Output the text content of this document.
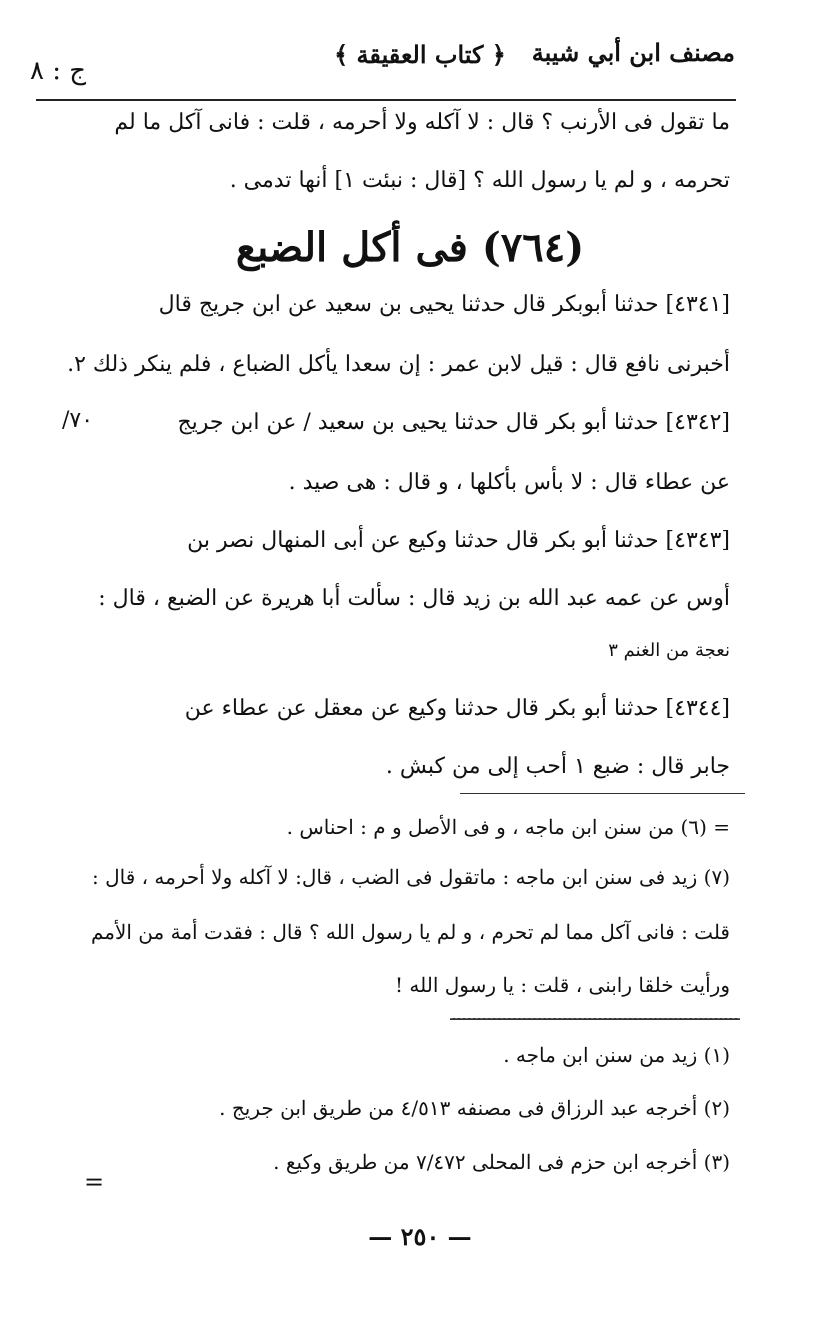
مصنف ابن أبي شيبة
﴿ كتاب العقيقة ﴾
ج : ٨
ما تقول فى الأرنب ؟ قال : لا آكله ولا أحرمه ، قلت : فانى آكل ما لم
تحرمه ، و لم يا رسول الله ؟ [قال : نبئت ١] أنها تدمى .
(٧٦٤) فى أكل الضبع
[٤٣٤١] حدثنا أبوبكر قال حدثنا يحيى بن سعيد عن ابن جريج قال
أخبرنى نافع قال : قيل لابن عمر : إن سعدا يأكل الضباع ، فلم ينكر ذلك ٢.
[٤٣٤٢] حدثنا أبو بكر قال حدثنا يحيى بن سعيد / عن ابن جريج
٧٠/
عن عطاء قال : لا بأس بأكلها ، و قال : هى صيد .
[٤٣٤٣] حدثنا أبو بكر قال حدثنا وكيع عن أبى المنهال نصر بن
أوس عن عمه عبد الله بن زيد قال : سألت أبا هريرة عن الضبع ، قال :
نعجة من الغنم ٣
[٤٣٤٤] حدثنا أبو بكر قال حدثنا وكيع عن معقل عن عطاء عن
جابر قال : ضبع ١ أحب إلى من كبش .
= (٦) من سنن ابن ماجه ، و فى الأصل و م : احناس .
(٧) زيد فى سنن ابن ماجه : ماتقول فى الضب ، قال: لا آكله ولا أحرمه ، قال :
قلت : فانى آكل مما لم تحرم ، و لم يا رسول الله ؟ قال : فقدت أمة من الأمم
ورأيت خلقا رابنى ، قلت : يا رسول الله !
(١) زيد من سنن ابن ماجه .
(٢) أخرجه عبد الرزاق فى مصنفه ٤/٥١٣ من طريق ابن جريج .
(٣) أخرجه ابن حزم فى المحلى ٧/٤٧٢ من طريق وكيع .
=
— ٢٥٠ —
